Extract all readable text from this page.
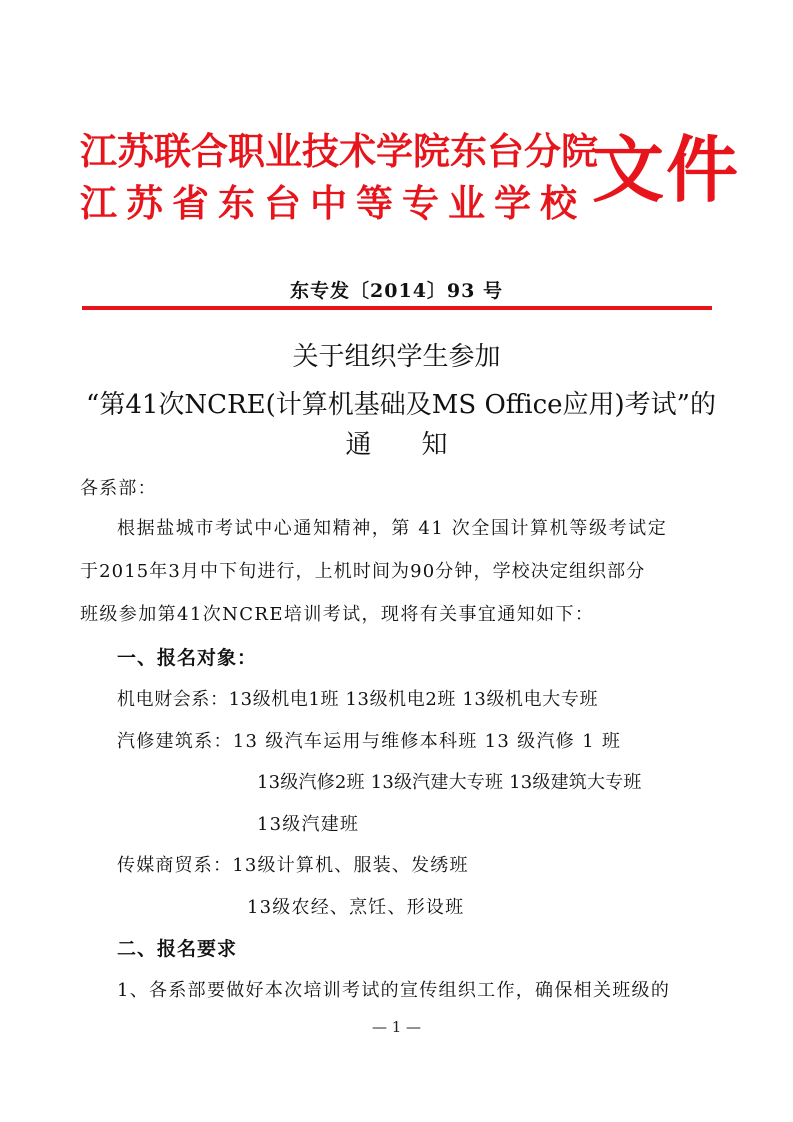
江苏联合职业技术学院东台分院
江苏省东台中等专业学校 文件
东专发〔2014〕93 号
关于组织学生参加
“第41次NCRE(计算机基础及MS Office应用)考试”的
通知
各系部：
根据盐城市考试中心通知精神，第 41 次全国计算机等级考试定
于2015年3月中下旬进行，上机时间为90分钟，学校决定组织部分
班级参加第41次NCRE培训考试，现将有关事宜通知如下：
一、报名对象：
机电财会系：13级机电1班 13级机电2班 13级机电大专班
汽修建筑系：13 级汽车运用与维修本科班 13 级汽修 1 班
13级汽修2班 13级汽建大专班 13级建筑大专班
13级汽建班
传媒商贸系：13级计算机、服装、发绣班
13级农经、烹饪、形设班
二、报名要求
1、各系部要做好本次培训考试的宣传组织工作，确保相关班级的
— 1 —
